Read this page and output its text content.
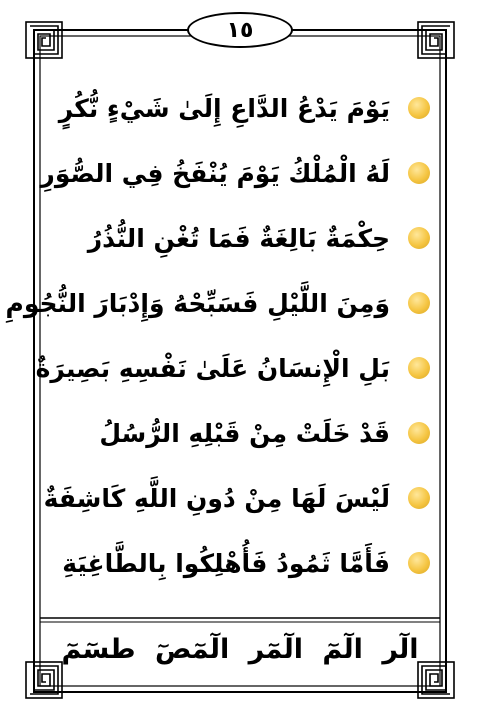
١٥
يَوْمَ يَدْعُ الدَّاعِ إِلَىٰ شَيْءٍ نُّكُرٍ
لَهُ الْمُلْكُ يَوْمَ يُنْفَخُ فِي الصُّوَرِ
حِكْمَةٌ بَالِغَةٌ فَمَا تُغْنِ النُّذُرُ
وَمِنَ اللَّيْلِ فَسَبِّحْهُ وَإِدْبَارَ النُّجُومِ
بَلِ الْإِنسَانُ عَلَىٰ نَفْسِهِ بَصِيرَةٌ
قَدْ خَلَتْ مِنْ قَبْلِهِ الرُّسُلُ
لَيْسَ لَهَا مِنْ دُونِ اللَّهِ كَاشِفَةٌ
فَأَمَّا ثَمُودُ فَأُهْلِكُوا بِالطَّاغِيَةِ
الٓر الٓمٓ الٓمٓر الٓمٓصٓ طسٓمٓ
